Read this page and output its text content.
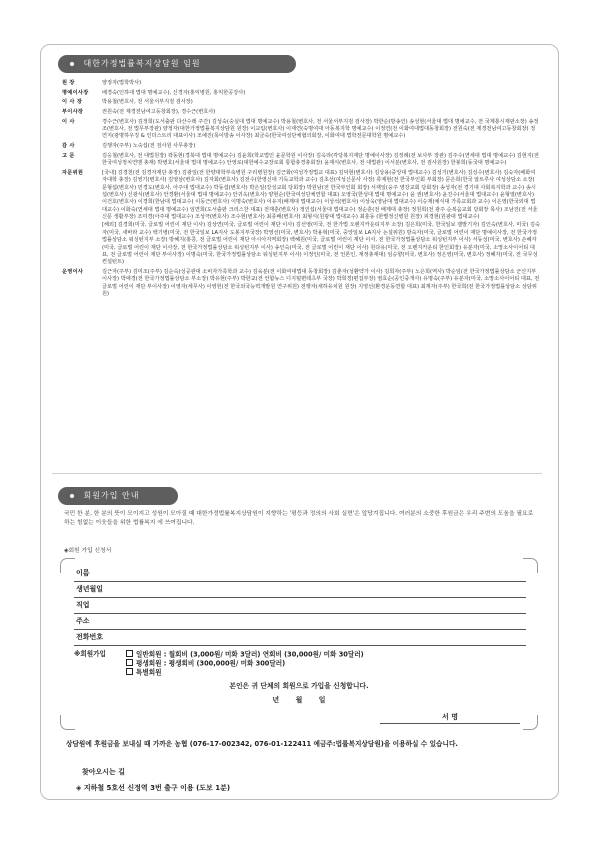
대한가정법률복지상담원 임원
원 장	양정자(법학박사)
명예이사장	배경숙(인하대 법대 명예교수), 신경자(홍익병원, 홍익한공강사)
이 사 장	박용철(변호사, 전 서울서부지검 검사장)
부이사장	권원숙(전 제경전남여고동창회장), 경수근(변호사)
이 사	경수근(변호사) 김정희(도서출판 다산수레 주간) 김성숙(숭실대 법대 명예교수) 박용철(변호사, 전 서울서부지검 검사장) 박한순(방송인) 송성현(서울대 법대 명예교수, 전 국제통시재판소장) 송정조(변호사, 전 법무부장관) 양정자(대한가정법률복지상담원 원장) 이교림(변호사) 이재연(숙명여대 아동복지학 명예교수) 이정연(전 이화여대법대동창회장) 전원숙(전 제경전남여고동창회장) 정연지(광명하우징 & 인더스트리 대표이사) 조예진(목이방송 이사장) 최금숙(한국여성단체협의회장, 이화여대 법학전문대학원 명예교수)
감 사	김행자(주부) 노숙섭(전 검사원 사무총장)
고 문	김응철(변호사, 전 대법원장) 곽동현(경북대 법대 명예교수) 김윤희(학교법인 윤문학원 이사장) 김옥라(각당복지재단 명예이사장) 김정례(전 보사부 장관) 김주수(연세대 법대 명예교수) 김현지(전 한국여성정치연맹 총재) 박병호(서울대 법대 명예교수) 안영로(대한예수교장로회 통합총경총회장) 윤재식(변호사, 전 대법관) 이서분(변호사, 전 검사원장) 한봉희(동국대 명예교수)
자문위원	[국내] 김경천(전 김경자재단 총장) 김광일(전 한양대학부속병원 구리병원장) 김근화(여성가정법교 대표) 김덕현(변호사) 김상용(중앙대 법대교수) 김성기(변호사) 김성수(변호사) 김숙자(배화여자대학 총장) 김영기(변호사) 김영삼(변호사) 김자회(변호사) 김전수(한영신대 기독교학과 교수) 김초선(여성신문사 사장) 류제현(전 한국부인회 부회장) 문은희(한국 알트루사 여성상담소 소장) 문형섭(변호사) 민경도(변호사, 아주대 법대교수) 박동섭(변호사) 박은일(강성교회 당회장) 박원남(전 한국부인회 회장) 서재일(웅주 영강교회 당회장) 송성자(전 경기대 사회복지학과 교수) 송시섭(변호사) 신광식(변호사) 안경환(서울대 법대 명예교수) 안귀옥(변호사) 양현순(한국여성단체연합 대표) 오영국(한성대 법대 명예교수) 윤 권(변호사) 윤진수(서울대 법대교수) 윤형열(변호사) 이건호(변호사) 이경희(한남대 법대교수) 이동근(변호사) 이명숙(변호사) 이유지(배재대 법대교수) 이상석(변호사) 이상욱(영남대 법대교수) 이승재(예식대 가족교회과 교수) 이은영(한국외대 법대교수) 이화숙(연세대 법대 명예교수) 임면희(도서출판 크리스찬 대표) 전재훈(변호사) 정인섭(서울대 법대교수) 정순훈(전 배제대 총장) 정원희(전 광주 순복음교회 당회장 목사) 조남진(전 서울신문 생활부장) 조미경(아주대 법대교수) 조성극(변호사) 조수현(변호사) 최종배(변호사) 최형식(원광대 법대교수) 최훈동 (한별정신병원 원장) 피경현(원광대 법대교수)
[해외] 김경희(미국, 글로벌 어린이 재단 이사) 김상연(미국, 글로벌 어린이 재단 이사) 김선영(미국, 전 한가법 오렌지카운티지부 소장) 김은희(미국, 한국일보 캘발기자) 김인숙(변호사, 미국) 김숙자(미국, 새바라 교수) 백기병(미국, 전 한국일보 LA지사 도봉지부국장) 박영선(미국, 변호사) 박용혁(미국, 중앙일보 LA지사 논설위원) 방숙자(미국, 글로벌 어린이 재단 명예이사장, 전 한국가정법률상담소 워싱턴지부 소장) 방혜지(홍콩, 전 글로벌 어린이 재단 아시아지역회장) 백혜원(미국, 글로벌 어린이 재단 이사, 전 한국가정법률상담소 워싱턴지부 이사) 서동성(미국, 변호사) 손혜자(미국, 글로벌 어린이 재단 이사장, 전 한국가정법률상담소 워싱턴지부 이사) 송인숙(미국, 전 글로벌 어린이 재단 이사) 원다유(미국, 전 오렌지카운티 한인회장) 유분자(미국, 소망소사이어티 대표, 전 글로벌 어린이 재단 부이사장) 이명숙(미국, 한국가정법률상담소 워싱턴지부 이사) 이정인(미국, 전 언론인, 재정총재대) 임승향(미국, 변호사) 정은영(미국, 변호사) 정혜자(미국, 전 국무성 컨설턴트)
운영이사	김근자(주부) 김미조(주부) 김순숙(성공관대 소비자가족학과 교수) 김육분(전 이화여대법대 동창회장) 김춘자(성환약가 이사) 김희자(주부) 노은희(역사) 박순임(전 한국가정법률상담소 군산지부 이사장) 박애경(전 한국가정법률상담소 부소장) 박유현(주부) 박한교(전 언합뉴스 디지털편테츠부 국장) 박희경(편집부장) 염효순(공인중개사) 유명숙(주부) 유분자(미국, 소망소사이어티 대표, 전 글로벌 어린이 재단 부이사장) 이영자(세무사) 이영헌(전 한국외국능력개발원 연구위원) 전행자(새하유치원 원장) 지영선(환경운동연합 대표) 최계자(주부) 한국희(전 한국가정법률상담소 상담위원)
회원가입 안내
국민 한 분, 한 분의 뜻이 모이지고 성원이 모아질 때 대한가정법률복지상담원이 지향하는 '평등과 정의의 사회 실현'은 앞당겨집니다. 여러분의 소중한 후원금은 우리 주변의 도움을 필요로 하는 힘없는 이웃들을 위한 법률복지 에 쓰여집니다.
◈회원 가입 신청서
이름
생년월일
직업
주소
전화번호
※회원가입	일반회원 : 월회비 (3,000원/ 미화 3달러) 연회비 (30,000원/ 미화 30달러)
평생회원 : 평생회비 (300,000원/ 미화 300달러)
특별회원
본인은 귀 단체의 회원으로 가입을 신청합니다.
년 월 일
서 명
상담원에 후원금을 보내실 때 가까운 농협 (076-17-002342, 076-01-122411 예금주:법률복지상담원)을 이용하실 수 있습니다.
찾아오시는 길
◈ 지하철 5호선 신정역 3번 출구 이용 (도보 1분)
